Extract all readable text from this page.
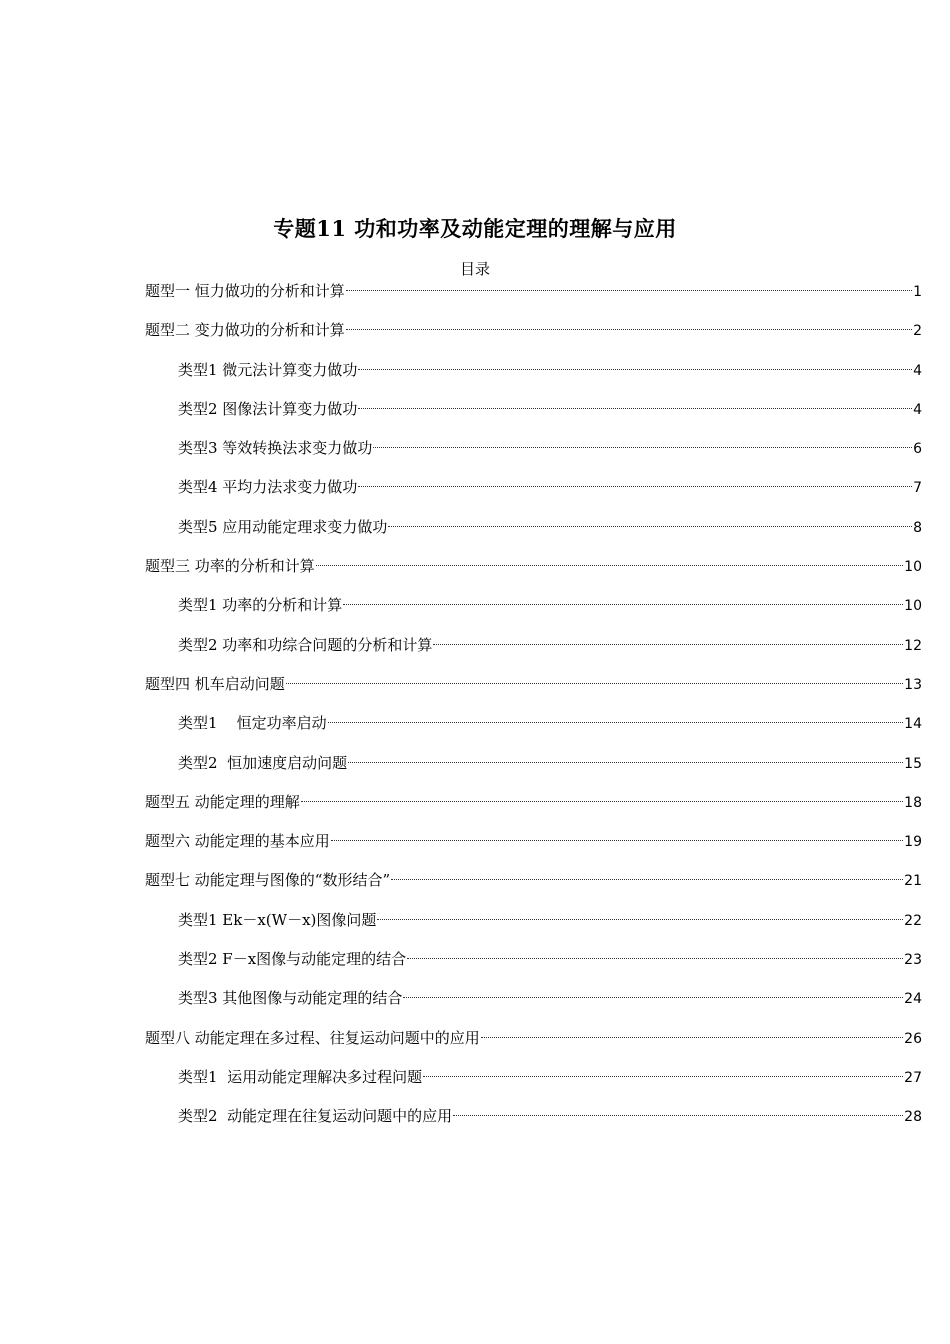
专题11 功和功率及动能定理的理解与应用
目录
题型一 恒力做功的分析和计算	1
题型二 变力做功的分析和计算	2
类型1 微元法计算变力做功	4
类型2 图像法计算变力做功	4
类型3 等效转换法求变力做功	6
类型4 平均力法求变力做功	7
类型5 应用动能定理求变力做功	8
题型三 功率的分析和计算	10
类型1 功率的分析和计算	10
类型2 功率和功综合问题的分析和计算	12
题型四 机车启动问题	13
类型1    恒定功率启动	14
类型2  恒加速度启动问题	15
题型五 动能定理的理解	18
题型六 动能定理的基本应用	19
题型七 动能定理与图像的“数形结合”	21
类型1 Ek－x(W－x)图像问题	22
类型2 F－x图像与动能定理的结合	23
类型3 其他图像与动能定理的结合	24
题型八 动能定理在多过程、往复运动问题中的应用	26
类型1  运用动能定理解决多过程问题	27
类型2  动能定理在往复运动问题中的应用	28
